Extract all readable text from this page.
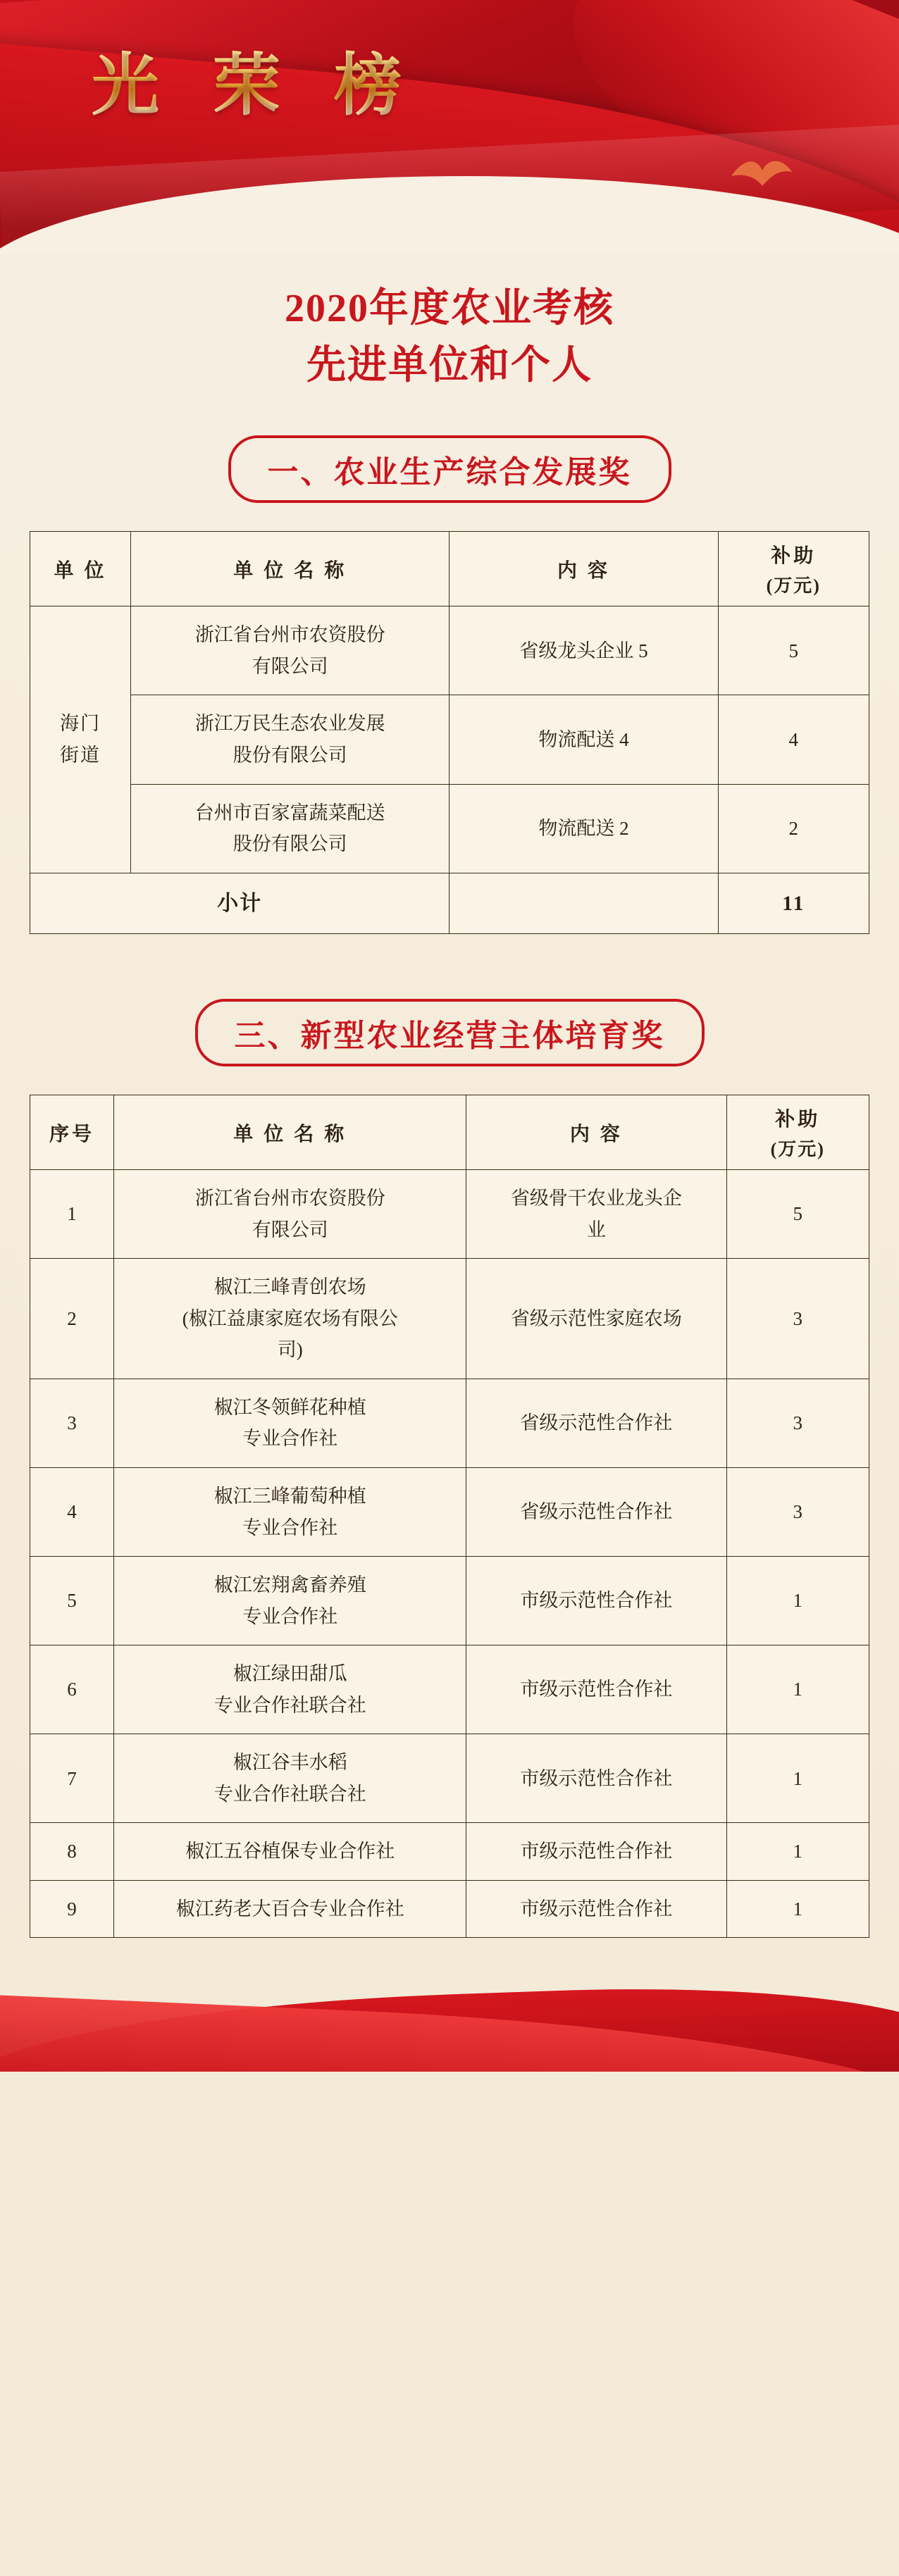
光 荣 榜
2020年度农业考核
先进单位和个人
一、农业生产综合发展奖
单 位	单 位 名 称	内 容	补助
(万元)

海门
街道	浙江省台州市农资股份
有限公司	省级龙头企业 5	5

	浙江万民生态农业发展
股份有限公司	物流配送 4	4

	台州市百家富蔬菜配送
股份有限公司	物流配送 2	2
小计			11
三、新型农业经营主体培育奖
序号	单 位 名 称	内 容	补助
(万元)

1	浙江省台州市农资股份
有限公司	省级骨干农业龙头企
业	5
2	椒江三峰青创农场
(椒江益康家庭农场有限公
司)	省级示范性家庭农场	3
3	椒江冬领鲜花种植
专业合作社	省级示范性合作社	3
4	椒江三峰葡萄种植
专业合作社	省级示范性合作社	3
5	椒江宏翔禽畜养殖
专业合作社	市级示范性合作社	1
6	椒江绿田甜瓜
专业合作社联合社	市级示范性合作社	1
7	椒江谷丰水稻
专业合作社联合社	市级示范性合作社	1
8	椒江五谷植保专业合作社	市级示范性合作社	1
9	椒江药老大百合专业合作社	市级示范性合作社	1
